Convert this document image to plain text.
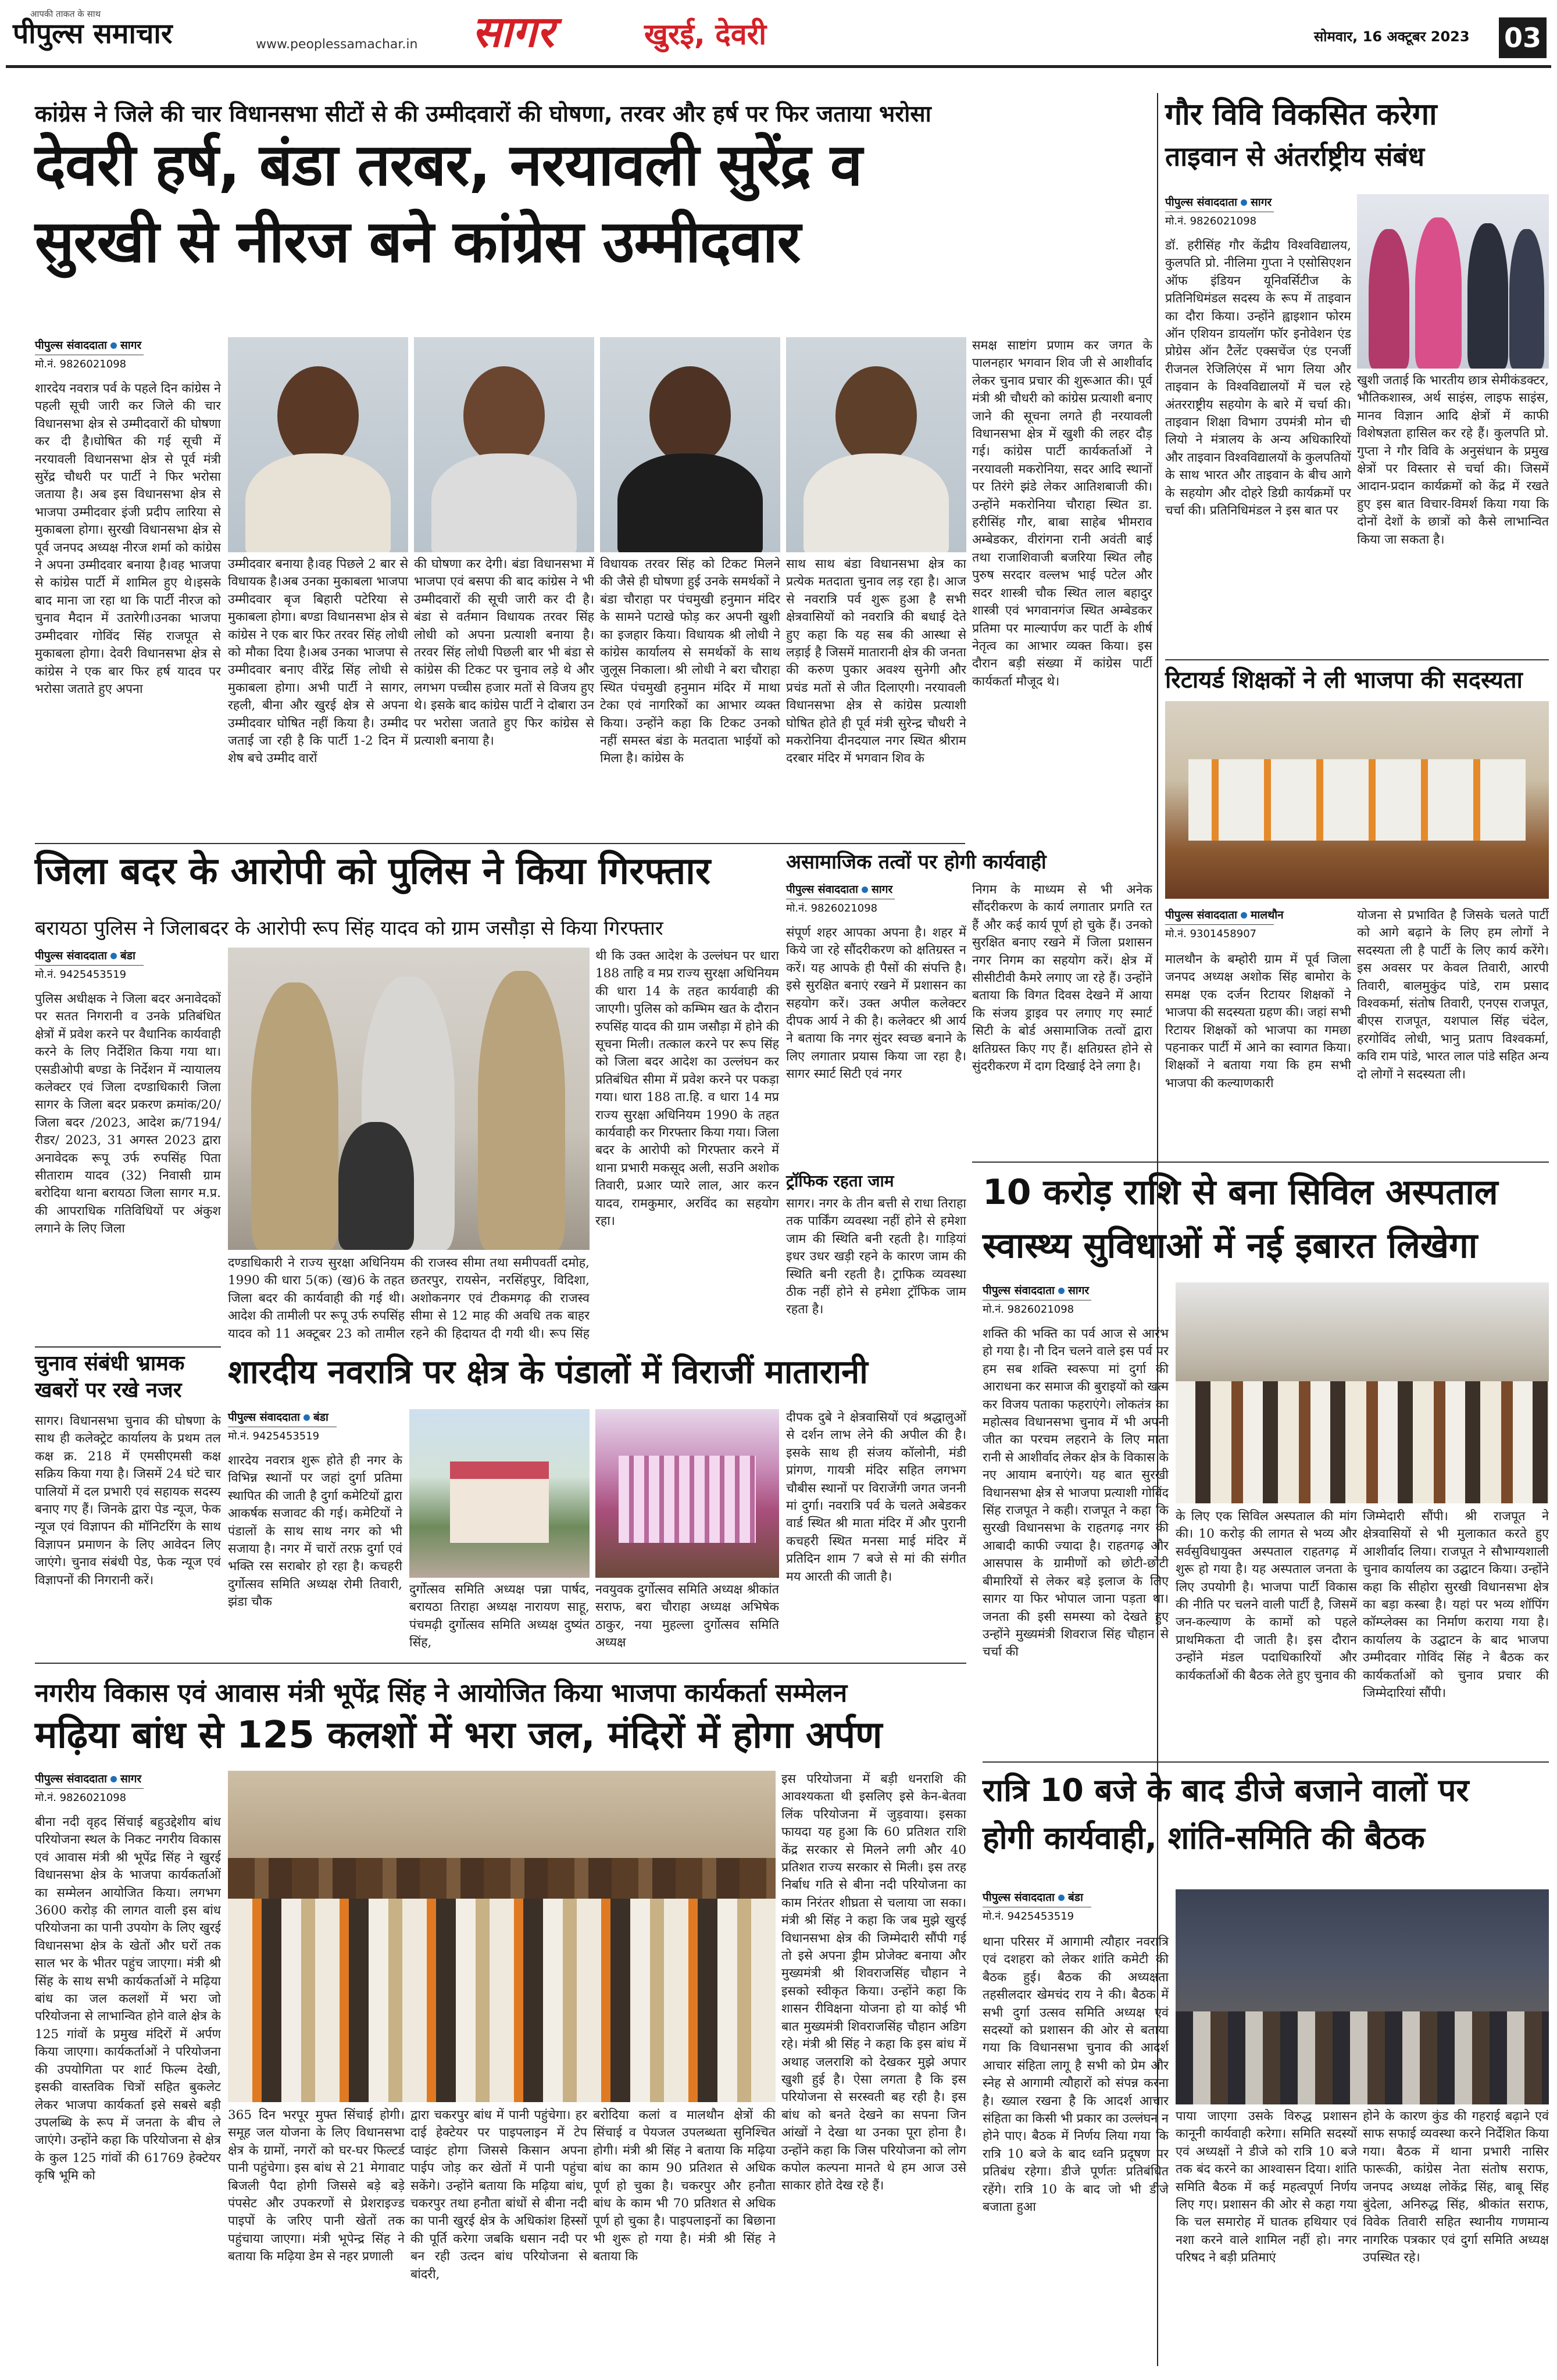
आपकी ताकत के साथ
पीपुल्स समाचार	www.peoplessamachar.in सागर	खुरई, देवरी	सोमवार, 16 अक्टूबर 2023 03
कांग्रेस ने जिले की चार विधानसभा सीटों से की उम्मीदवारों की घोषणा, तरवर और हर्ष पर फिर जताया भरोसा
देवरी हर्ष, बंडा तरबर, नरयावली सुरेंद्र व
सुरखी से नीरज बने कांग्रेस उम्मीदवार
पीपुल्स संवाददाता सागर
मो.नं. 9826021098
शारदेय नवरात्र पर्व के पहले दिन कांग्रेस ने पहली सूची जारी कर जिले की चार विधानसभा क्षेत्र से उम्मीदवारों की घोषणा कर दी है।घोषित की गई सूची में नरयावली विधानसभा क्षेत्र से पूर्व मंत्री सुरेंद्र चौधरी पर पार्टी ने फिर भरोसा जताया है। अब इस विधानसभा क्षेत्र से भाजपा उम्मीदवार इंजी प्रदीप लारिया से मुकाबला होगा। सुरखी विधानसभा क्षेत्र से पूर्व जनपद अध्यक्ष नीरज शर्मा को कांग्रेस ने अपना उम्मीदवार बनाया है।वह भाजपा से कांग्रेस पार्टी में शामिल हुए थे।इसके बाद माना जा रहा था कि पार्टी नीरज को चुनाव मैदान में उतारेगी।उनका भाजपा उम्मीदवार गोविंद सिंह राजपूत से मुकाबला होगा। देवरी विधानसभा क्षेत्र से कांग्रेस ने एक बार फिर हर्ष यादव पर भरोसा जताते हुए अपना
उम्मीदवार बनाया है।वह पिछले 2 बार से विधायक है।अब उनका मुकाबला भाजपा उम्मीदवार बृज बिहारी पटेरिया से मुकाबला होगा। बण्डा विधानसभा क्षेत्र से कांग्रेस ने एक बार फिर तरवर सिंह लोधी को मौका दिया है।अब उनका भाजपा से उम्मीदवार बनाए वीरेंद्र सिंह लोधी से मुकाबला होगा। अभी पार्टी ने सागर, रहली, बीना और खुरई क्षेत्र से अपना उम्मीदवार घोषित नहीं किया है। उम्मीद जताई जा रही है कि पार्टी 1-2 दिन में शेष बचे उम्मीद वारों
की घोषणा कर देगी। बंडा विधानसभा में भाजपा एवं बसपा की बाद कांग्रेस ने भी उम्मीदवारों की सूची जारी कर दी है। बंडा से वर्तमान विधायक तरवर सिंह लोधी को अपना प्रत्याशी बनाया है। तरवर सिंह लोधी पिछली बार भी बंडा से कांग्रेस की टिकट पर चुनाव लड़े थे और लगभग पच्चीस हजार मतों से विजय हुए थे। इसके बाद कांग्रेस पार्टी ने दोबारा उन पर भरोसा जताते हुए फिर कांग्रेस से प्रत्याशी बनाया है।
विधायक तरवर सिंह को टिकट मिलने की जैसे ही घोषणा हुई उनके समर्थकों ने बंडा चौराहा पर पंचमुखी हनुमान मंदिर के सामने पटाखे फोड़ कर अपनी खुशी का इजहार किया। विधायक श्री लोधी ने कांग्रेस कार्यालय से समर्थकों के साथ जुलूस निकाला। श्री लोधी ने बरा चौराहा स्थित पंचमुखी हनुमान मंदिर में माथा टेका एवं नागरिकों का आभार व्यक्त किया। उन्होंने कहा कि टिकट उनको नहीं समस्त बंडा के मतदाता भाईयों को मिला है। कांग्रेस के
साथ साथ बंडा विधानसभा क्षेत्र का प्रत्येक मतदाता चुनाव लड़ रहा है। आज से नवरात्रि पर्व शुरू हुआ है सभी क्षेत्रवासियों को नवरात्रि की बधाई देते हुए कहा कि यह सब की आस्था से लड़ाई है जिसमें मातारानी क्षेत्र की जनता की करुण पुकार अवश्य सुनेगी और प्रचंड मतों से जीत दिलाएगी। नरयावली विधानसभा क्षेत्र से कांग्रेस प्रत्याशी घोषित होते ही पूर्व मंत्री सुरेन्द्र चौधरी ने मकरोनिया दीनदयाल नगर स्थित श्रीराम दरबार मंदिर में भगवान शिव के
समक्ष साष्टांग प्रणाम कर जगत के पालनहार भगवान शिव जी से आशीर्वाद लेकर चुनाव प्रचार की शुरूआत की। पूर्व मंत्री श्री चौधरी को कांग्रेस प्रत्याशी बनाए जाने की सूचना लगते ही नरयावली विधानसभा क्षेत्र में खुशी की लहर दौड़ गई। कांग्रेस पार्टी कार्यकर्ताओं ने नरयावली मकरोनिया, सदर आदि स्थानों पर तिरंगे झंडे लेकर आतिशबाजी की। उन्होंने मकरोनिया चौराहा स्थित डा. हरीसिंह गौर, बाबा साहेब भीमराव अम्बेडकर, वीरांगना रानी अवंती बाई तथा राजाशिवाजी बजरिया स्थित लौह पुरुष सरदार वल्लभ भाई पटेल और सदर शास्त्री चौक स्थित लाल बहादुर शास्त्री एवं भगवानगंज स्थित अम्बेडकर प्रतिमा पर माल्यार्पण कर पार्टी के शीर्ष नेतृत्व का आभार व्यक्त किया। इस दौरान बड़ी संख्या में कांग्रेस पार्टी कार्यकर्ता मौजूद थे।
गौर विवि विकसित करेगा
ताइवान से अंतर्राष्ट्रीय संबंध
पीपुल्स संवाददाता सागर
मो.नं. 9826021098
डॉ. हरीसिंह गौर केंद्रीय विश्वविद्यालय, कुलपति प्रो. नीलिमा गुप्ता ने एसोसिएशन ऑफ इंडियन यूनिवर्सिटीज के प्रतिनिधिमंडल सदस्य के रूप में ताइवान का दौरा किया। उन्होंने ह्वाइशान फोरम ऑन एशियन डायलॉग फॉर इनोवेशन एंड प्रोग्रेस ऑन टैलेंट एक्सचेंज एंड एनर्जी रीजनल रेजिलिएंस में भाग लिया और ताइवान के विश्वविद्यालयों में चल रहे अंतरराष्ट्रीय सहयोग के बारे में चर्चा की। ताइवान शिक्षा विभाग उपमंत्री मोन ची लियो ने मंत्रालय के अन्य अधिकारियों और ताइवान विश्वविद्यालयों के कुलपतियों के साथ भारत और ताइवान के बीच आगे के सहयोग और दोहरे डिग्री कार्यक्रमों पर चर्चा की। प्रतिनिधिमंडल ने इस बात पर
खुशी जताई कि भारतीय छात्र सेमीकंडक्टर, भौतिकशास्त्र, अर्थ साइंस, लाइफ साइंस, मानव विज्ञान आदि क्षेत्रों में काफी विशेषज्ञता हासिल कर रहे हैं। कुलपति प्रो. गुप्ता ने गौर विवि के अनुसंधान के प्रमुख क्षेत्रों पर विस्तार से चर्चा की। जिसमें आदान-प्रदान कार्यक्रमों को केंद्र में रखते हुए इस बात विचार-विमर्श किया गया कि दोनों देशों के छात्रों को कैसे लाभान्वित किया जा सकता है।
रिटायर्ड शिक्षकों ने ली भाजपा की सदस्यता
पीपुल्स संवाददाता मालथौन
मो.नं. 9301458907
मालथौन के बम्होरी ग्राम में पूर्व जिला जनपद अध्यक्ष अशोक सिंह बामोरा के समक्ष एक दर्जन रिटायर शिक्षकों ने भाजपा की सदस्यता ग्रहण की। जहां सभी रिटायर शिक्षकों को भाजपा का गमछा पहनाकर पार्टी में आने का स्वागत किया। शिक्षकों ने बताया गया कि हम सभी भाजपा की कल्याणकारी
योजना से प्रभावित है जिसके चलते पार्टी को आगे बढ़ाने के लिए हम लोगों ने सदस्यता ली है पार्टी के लिए कार्य करेंगे। इस अवसर पर केवल तिवारी, आरपी तिवारी, बालमुकुंद पांडे, राम प्रसाद विश्वकर्मा, संतोष तिवारी, एनएस राजपूत, बीएस राजपूत, यशपाल सिंह चंदेल, हरगोविंद लोधी, भानु प्रताप विश्वकर्मा, कवि राम पांडे, भारत लाल पांडे सहित अन्य दो लोगों ने सदस्यता ली।
10 करोड़ राशि से बना सिविल अस्पताल
स्वास्थ्य सुविधाओं में नई इबारत लिखेगा
पीपुल्स संवाददाता सागर
मो.नं. 9826021098
शक्ति की भक्ति का पर्व आज से आरंभ हो गया है। नौ दिन चलने वाले इस पर्व पर हम सब शक्ति स्वरूपा मां दुर्गा की आराधना कर समाज की बुराइयों को खत्म कर विजय पताका फहराएंगे। लोकतंत्र का महोत्सव विधानसभा चुनाव में भी अपनी जीत का परचम लहराने के लिए माता रानी से आशीर्वाद लेकर क्षेत्र के विकास के नए आयाम बनाएंगे। यह बात सुरखी विधानसभा क्षेत्र से भाजपा प्रत्याशी गोविंद सिंह राजपूत ने कही। राजपूत ने कहा कि सुरखी विधानसभा के राहतगढ़ नगर की आबादी काफी ज्यादा है। राहतगढ़ और आसपास के ग्रामीणों को छोटी-छोटी बीमारियों से लेकर बड़े इलाज के लिए सागर या फिर भोपाल जाना पड़ता था। जनता की इसी समस्या को देखते हुए उन्होंने मुख्यमंत्री शिवराज सिंह चौहान से चर्चा की
के लिए एक सिविल अस्पताल की मांग की। 10 करोड़ की लागत से भव्य और सर्वसुविधायुक्त अस्पताल राहतगढ़ में शुरू हो गया है। यह अस्पताल जनता के लिए उपयोगी है। भाजपा पार्टी विकास की नीति पर चलने वाली पार्टी है, जिसमें जन-कल्याण के कामों को पहले प्राथमिकता दी जाती है। इस दौरान उन्होंने मंडल पदाधिकारियों और कार्यकर्ताओं की बैठक लेते हुए चुनाव की
जिम्मेदारी सौंपी। श्री राजपूत ने क्षेत्रवासियों से भी मुलाकात करते हुए आशीर्वाद लिया। राजपूत ने सौभाग्यशाली चुनाव कार्यालय का उद्घाटन किया। उन्होंने कहा कि सीहोरा सुरखी विधानसभा क्षेत्र का बड़ा कस्बा है। यहां पर भव्य शॉपिंग कॉम्प्लेक्स का निर्माण कराया गया है। कार्यालय के उद्घाटन के बाद भाजपा उम्मीदवार गोविंद सिंह ने बैठक कर कार्यकर्ताओं को चुनाव प्रचार की जिम्मेदारियां सौंपी।
रात्रि 10 बजे के बाद डीजे बजाने वालों पर
होगी कार्यवाही, शांति-समिति की बैठक
पीपुल्स संवाददाता बंडा
मो.नं. 9425453519
थाना परिसर में आगामी त्यौहार नवरात्रि एवं दशहरा को लेकर शांति कमेटी की बैठक हुई। बैठक की अध्यक्षता तहसीलदार खेमचंद राय ने की। बैठक में सभी दुर्गा उत्सव समिति अध्यक्ष एवं सदस्यों को प्रशासन की ओर से बताया गया कि विधानसभा चुनाव की आदर्श आचार संहिता लागू है सभी को प्रेम और स्नेह से आगामी त्यौहारों को संपन्न करना है। ख्याल रखना है कि आदर्श आचार संहिता का किसी भी प्रकार का उल्लंघन न होने पाए। बैठक में निर्णय लिया गया कि रात्रि 10 बजे के बाद ध्वनि प्रदूषण पर प्रतिबंध रहेगा। डीजे पूर्णतः प्रतिबंधित रहेंगे। रात्रि 10 के बाद जो भी डीजे बजाता हुआ
पाया जाएगा उसके विरुद्ध प्रशासन कानूनी कार्यवाही करेगा। समिति सदस्यों एवं अध्यक्षों ने डीजे को रात्रि 10 बजे तक बंद करने का आश्वासन दिया। शांति समिति बैठक में कई महत्वपूर्ण निर्णय लिए गए। प्रशासन की ओर से कहा गया कि चल समारोह में घातक हथियार एवं नशा करने वाले शामिल नहीं हो। नगर परिषद ने बड़ी प्रतिमाएं
होने के कारण कुंड की गहराई बढ़ाने एवं साफ सफाई व्यवस्था करने निर्देशित किया गया। बैठक में थाना प्रभारी नासिर फारूकी, कांग्रेस नेता संतोष सराफ, जनपद अध्यक्ष लोकेंद्र सिंह, बाबू सिंह बुंदेला, अनिरुद्ध सिंह, श्रीकांत सराफ, विवेक तिवारी सहित स्थानीय गणमान्य नागरिक पत्रकार एवं दुर्गा समिति अध्यक्ष उपस्थित रहे।
जिला बदर के आरोपी को पुलिस ने किया गिरफ्तार
बरायठा पुलिस ने जिलाबदर के आरोपी रूप सिंह यादव को ग्राम जसौड़ा से किया गिरफ्तार
पीपुल्स संवाददाता बंडा
मो.नं. 9425453519
पुलिस अधीक्षक ने जिला बदर अनावेदकों पर सतत निगरानी व उनके प्रतिबंधित क्षेत्रों में प्रवेश करने पर वैधानिक कार्यवाही करने के लिए निर्देशित किया गया था। एसडीओपी बण्डा के निर्देशन में न्यायालय कलेक्टर एवं जिला दण्डाधिकारी जिला सागर के जिला बदर प्रकरण क्रमांक/20/जिला बदर /2023, आदेश क्र/7194/रीडर/ 2023, 31 अगस्त 2023 द्वारा अनावेदक रूपू उर्फ रुपसिंह पिता सीताराम यादव (32) निवासी ग्राम बरोदिया थाना बरायठा जिला सागर म.प्र. की आपराधिक गतिविधियों पर अंकुश लगाने के लिए जिला
दण्डाधिकारी ने राज्य सुरक्षा अधिनियम 1990 की धारा 5(क) (ख)6 के तहत जिला बदर की कार्यवाही की गई थी। आदेश की तामीली पर रूपू उर्फ रुपसिंह यादव को 11 अक्टूबर 23 को तामील
की राजस्व सीमा तथा समीपवर्ती दमोह, छतरपुर, रायसेन, नरसिंहपुर, विदिशा, अशोकनगर एवं टीकमगढ़ की राजस्व सीमा से 12 माह की अवधि तक बाहर रहने की हिदायत दी गयी थी। रूप सिंह
थी कि उक्त आदेश के उल्लंघन पर धारा 188 ताहि व मप्र राज्य सुरक्षा अधिनियम की धारा 14 के तहत कार्यवाही की जाएगी। पुलिस को कम्भिम खत के दौरान रुपसिंह यादव की ग्राम जसौड़ा में होने की सूचना मिली। तत्काल करने पर रूप सिंह को जिला बदर आदेश का उल्लंघन कर प्रतिबंधित सीमा में प्रवेश करने पर पकड़ा गया। धारा 188 ता.हि. व धारा 14 मप्र राज्य सुरक्षा अधिनियम 1990 के तहत कार्यवाही कर गिरफ्तार किया गया। जिला बदर के आरोपी को गिरफ्तार करने में थाना प्रभारी मकसूद अली, सउनि अशोक तिवारी, प्रआर प्यारे लाल, आर करन यादव, रामकुमार, अरविंद का सहयोग रहा।
असामाजिक तत्वों पर होगी कार्यवाही
पीपुल्स संवाददाता सागर
मो.नं. 9826021098
संपूर्ण शहर आपका अपना है। शहर में किये जा रहे सौंदरीकरण को क्षतिग्रस्त न करें। यह आपके ही पैसों की संपत्ति है। इसे सुरक्षित बनाएं रखने में प्रशासन का सहयोग करें। उक्त अपील कलेक्टर दीपक आर्य ने की है। कलेक्टर श्री आर्य ने बताया कि नगर सुंदर स्वच्छ बनाने के लिए लगातार प्रयास किया जा रहा है। सागर स्मार्ट सिटी एवं नगर
निगम के माध्यम से भी अनेक सौंदरीकरण के कार्य लगातार प्रगति रत हैं और कई कार्य पूर्ण हो चुके हैं। उनको सुरक्षित बनाए रखने में जिला प्रशासन नगर निगम का सहयोग करें। क्षेत्र में सीसीटीवी कैमरे लगाए जा रहे हैं। उन्होंने बताया कि विगत दिवस देखने में आया कि संजय ड्राइव पर लगाए गए स्मार्ट सिटी के बोर्ड असामाजिक तत्वों द्वारा क्षतिग्रस्त किए गए हैं। क्षतिग्रस्त होने से सुंदरीकरण में दाग दिखाई देने लगा है।
ट्रॉफिक रहता जाम
सागर। नगर के तीन बत्ती से राधा तिराहा तक पार्किंग व्यवस्था नहीं होने से हमेशा जाम की स्थिति बनी रहती है। गाड़ियां इधर उधर खड़ी रहने के कारण जाम की स्थिति बनी रहती है। ट्राफिक व्यवस्था ठीक नहीं होने से हमेशा ट्रॉफिक जाम रहता है।
चुनाव संबंधी भ्रामक
खबरों पर रखे नजर
सागर। विधानसभा चुनाव की घोषणा के साथ ही कलेक्ट्रेट कार्यालय के प्रथम तल कक्ष क्र. 218 में एमसीएमसी कक्ष सक्रिय किया गया है। जिसमें 24 घंटे चार पालियों में दल प्रभारी एवं सहायक सदस्य बनाए गए हैं। जिनके द्वारा पेड न्यूज, फेक न्यूज एवं विज्ञापन की मॉनिटरिंग के साथ विज्ञापन प्रमाणन के लिए आवेदन लिए जाएंगे। चुनाव संबंधी पेड, फेक न्यूज एवं विज्ञापनों की निगरानी करें।
शारदीय नवरात्रि पर क्षेत्र के पंडालों में विराजीं मातारानी
पीपुल्स संवाददाता बंडा
मो.नं. 9425453519
शारदेय नवरात्र शुरू होते ही नगर के विभिन्न स्थानों पर जहां दुर्गा प्रतिमा स्थापित की जाती है दुर्गा कमेटियों द्वारा आकर्षक सजावट की गई। कमेटियों ने पंडालों के साथ साथ नगर को भी सजाया है। नगर में चारों तरफ़ दुर्गा एवं भक्ति रस सराबोर हो रहा है। कचहरी दुर्गोत्सव समिति अध्यक्ष रोमी तिवारी, झंडा चौक
दुर्गोत्सव समिति अध्यक्ष पन्ना पार्षद, बरायठा तिराहा अध्यक्ष नारायण साहू, पंचमढ़ी दुर्गोत्सव समिति अध्यक्ष दुष्यंत सिंह,
नवयुवक दुर्गोत्सव समिति अध्यक्ष श्रीकांत सराफ, बरा चौराहा अध्यक्ष अभिषेक ठाकुर, नया मुहल्ला दुर्गोत्सव समिति अध्यक्ष
दीपक दुबे ने क्षेत्रवासियों एवं श्रद्धालुओं से दर्शन लाभ लेने की अपील की है। इसके साथ ही संजय कॉलोनी, मंडी प्रांगण, गायत्री मंदिर सहित लगभग चौबीस स्थानों पर विराजेंगी जगत जननी मां दुर्गा। नवरात्रि पर्व के चलते अबेडकर वार्ड स्थित श्री माता मंदिर में और पुरानी कचहरी स्थित मनसा माई मंदिर में प्रतिदिन शाम 7 बजे से मां की संगीत मय आरती की जाती है।
नगरीय विकास एवं आवास मंत्री भूपेंद्र सिंह ने आयोजित किया भाजपा कार्यकर्ता सम्मेलन
मढ़िया बांध से 125 कलशों में भरा जल, मंदिरों में होगा अर्पण
पीपुल्स संवाददाता सागर
मो.नं. 9826021098
बीना नदी वृहद सिंचाई बहुउद्देशीय बांध परियोजना स्थल के निकट नगरीय विकास एवं आवास मंत्री श्री भूपेंद्र सिंह ने खुरई विधानसभा क्षेत्र के भाजपा कार्यकर्ताओं का सम्मेलन आयोजित किया। लगभग 3600 करोड़ की लागत वाली इस बांध परियोजना का पानी उपयोग के लिए खुरई विधानसभा क्षेत्र के खेतों और घरों तक साल भर के भीतर पहुंच जाएगा। मंत्री श्री सिंह के साथ सभी कार्यकर्ताओं ने मढ़िया बांध का जल कलशों में भरा जो परियोजना से लाभान्वित होने वाले क्षेत्र के 125 गांवों के प्रमुख मंदिरों में अर्पण किया जाएगा। कार्यकर्ताओं ने परियोजना की उपयोगिता पर शार्ट फिल्म देखी, इसकी वास्तविक चित्रों सहित बुकलेट लेकर भाजपा कार्यकर्ता इसे सबसे बड़ी उपलब्धि के रूप में जनता के बीच ले जाएंगे। उन्होंने कहा कि परियोजना से क्षेत्र के कुल 125 गांवों की 61769 हेक्टेयर कृषि भूमि को
365 दिन भरपूर मुफ्त सिंचाई होगी। समूह जल योजना के लिए विधानसभा क्षेत्र के ग्रामों, नगरों को घर-घर फिल्टर्ड पानी पहुंचेगा। इस बांध से 21 मेगावाट बिजली पैदा होगी जिससे बड़े बड़े पंपसेट और उपकरणों से प्रेशराइज्ड पाइपों के जरिए पानी खेतों तक पहुंचाया जाएगा। मंत्री भूपेन्द्र सिंह ने बताया कि मढ़िया डेम से नहर प्रणाली
द्वारा चकरपुर बांध में पानी पहुंचेगा। हर दाई हेक्टेयर पर पाइपलाइन में टेप प्वाइंट होगा जिससे किसान अपना पाईप जोड़ कर खेतों में पानी पहुंचा सकेंगे। उन्होंने बताया कि मढ़िया बांध, चकरपुर तथा हनौता बांधों से बीना नदी का पानी खुरई क्षेत्र के अधिकांश हिस्सों की पूर्ति करेगा जबकि धसान नदी पर बन रही उत्दन बांध परियोजना से बांदरी,
बरोदिया कलां व मालथौन क्षेत्रों की सिंचाई व पेयजल उपलब्धता सुनिश्चित होगी। मंत्री श्री सिंह ने बताया कि मढ़िया बांध का काम 90 प्रतिशत से अधिक पूर्ण हो चुका है। चकरपुर और हनौता बांध के काम भी 70 प्रतिशत से अधिक पूर्ण हो चुका है। पाइपलाइनों का बिछाना भी शुरू हो गया है। मंत्री श्री सिंह ने बताया कि
इस परियोजना में बड़ी धनराशि की आवश्यकता थी इसलिए इसे केन-बेतवा लिंक परियोजना में जुड़वाया। इसका फायदा यह हुआ कि 60 प्रतिशत राशि केंद्र सरकार से मिलने लगी और 40 प्रतिशत राज्य सरकार से मिली। इस तरह निर्बाध गति से बीना नदी परियोजना का काम निरंतर शीघ्रता से चलाया जा सका। मंत्री श्री सिंह ने कहा कि जब मुझे खुरई विधानसभा क्षेत्र की जिम्मेदारी सौंपी गई तो इसे अपना ड्रीम प्रोजेक्ट बनाया और मुख्यमंत्री श्री शिवराजसिंह चौहान ने इसको स्वीकृत किया। उन्होंने कहा कि शासन रीविक्षना योजना हो या कोई भी बात मुख्यमंत्री शिवराजसिंह चौहान अडिग रहे। मंत्री श्री सिंह ने कहा कि इस बांध में अथाह जलराशि को देखकर मुझे अपार खुशी हुई है। ऐसा लगता है कि इस परियोजना से सरस्वती बह रही है। इस बांध को बनते देखने का सपना जिन आंखों ने देखा था उनका पूरा होना है। उन्होंने कहा कि जिस परियोजना को लोग कपोल कल्पना मानते थे हम आज उसे साकार होते देख रहे हैं।
